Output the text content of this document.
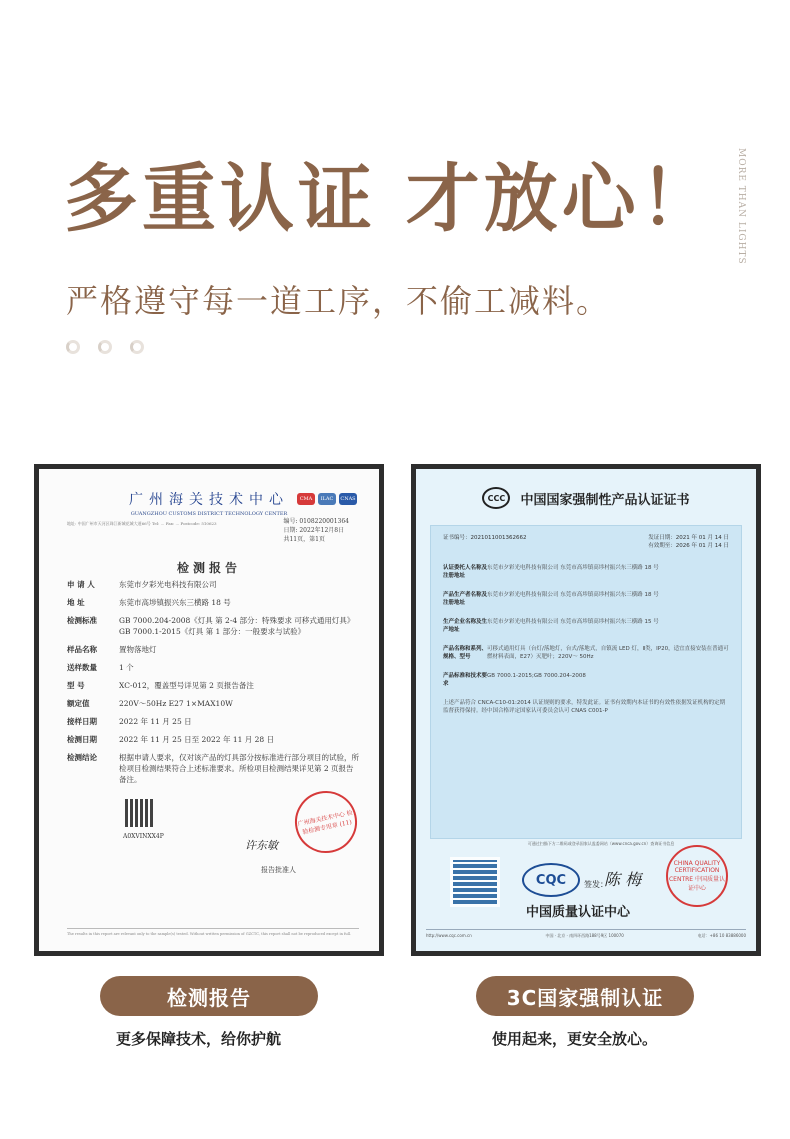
多重认证 才放心！
严格遵守每一道工序，不偷工减料。
MORE THAN LIGHTS
广州海关技术中心
GUANGZHOU CUSTOMS DISTRICT TECHNOLOGY CENTER
CMA	ILAC	CNAS
地址: 中国广州市天河区珠江新城花城大道66号 Tel: ... Fax: ... Postcode: 510623	编号: 0108220001364
日期: 2022年12月8日
共11页，第1页
检测报告
申 请 人	东莞市夕彩光电科技有限公司
地 址	东莞市高埗镇振兴东三横路 18 号
检测标准	GB 7000.204-2008《灯具 第 2-4 部分：特殊要求 可移式通用灯具》 GB 7000.1-2015《灯具 第 1 部分：一般要求与试验》
样品名称	置物落地灯
送样数量	1 个
型 号	XC-012，覆盖型号详见第 2 页报告备注
额定值	220V～50Hz E27 1×MAX10W
接样日期	2022 年 11 月 25 日
检测日期	2022 年 11 月 25 日至 2022 年 11 月 28 日
检测结论	根据申请人要求，仅对该产品的灯具部分按标准进行部分项目的试验，所检项目检测结果符合上述标准要求。所检项目检测结果详见第 2 页报告备注。
A0XVINXX4P
广州海关技术中心 检验检测专用章 (11)
许东敏
报告批准人
The results in this report are relevant only to the sample(s) tested. Without written permission of GZCTC, this report shall not be reproduced except in full.
CCC	中国国家强制性产品认证证书
证书编号：2021011001362662	发证日期：2021 年 01 月 14 日
有效期至：2026 年 01 月 14 日
认证委托人名称及注册地址
东莞市夕彩光电科技有限公司 东莞市高埗镇高埗村振兴东三横路 18 号
产品生产者名称及注册地址
东莞市夕彩光电科技有限公司 东莞市高埗镇高埗村振兴东三横路 18 号
生产企业名称及生产地址
东莞市夕彩光电科技有限公司 东莞市高埗镇高埗村振兴东三横路 15 号
产品名称和系列、规格、型号
可移式通用灯具（台灯/落地灯，台式/落地式，自镇流 LED 灯，Ⅱ类，IP20，适宜直接安装在普通可燃材料表面，E27）灭肥叶；220V～ 50Hz
产品标准和技术要求
GB 7000.1-2015;GB 7000.204-2008
上述产品符合 CNCA-C10-01:2014 认证规则的要求，特发此证。证书有效期内本证书的有效性依据发证机构的定期监督获得保持。经中国合格评定国家认可委员会认可 CNAS C001-P
可通过扫描下方二维码或登录国家认监委网站（www.cnca.gov.cn）查询证书信息
CQC	签发：
陈 梅
中国质量认证中心
CHINA QUALITY CERTIFICATION CENTRE 中国质量认证中心
http://www.cqc.com.cn	中国 · 北京 · 南四环西路188号9区 100070	电话：+86 10 83886000
检测报告	3C国家强制认证
更多保障技术，给你护航	使用起来，更安全放心。
